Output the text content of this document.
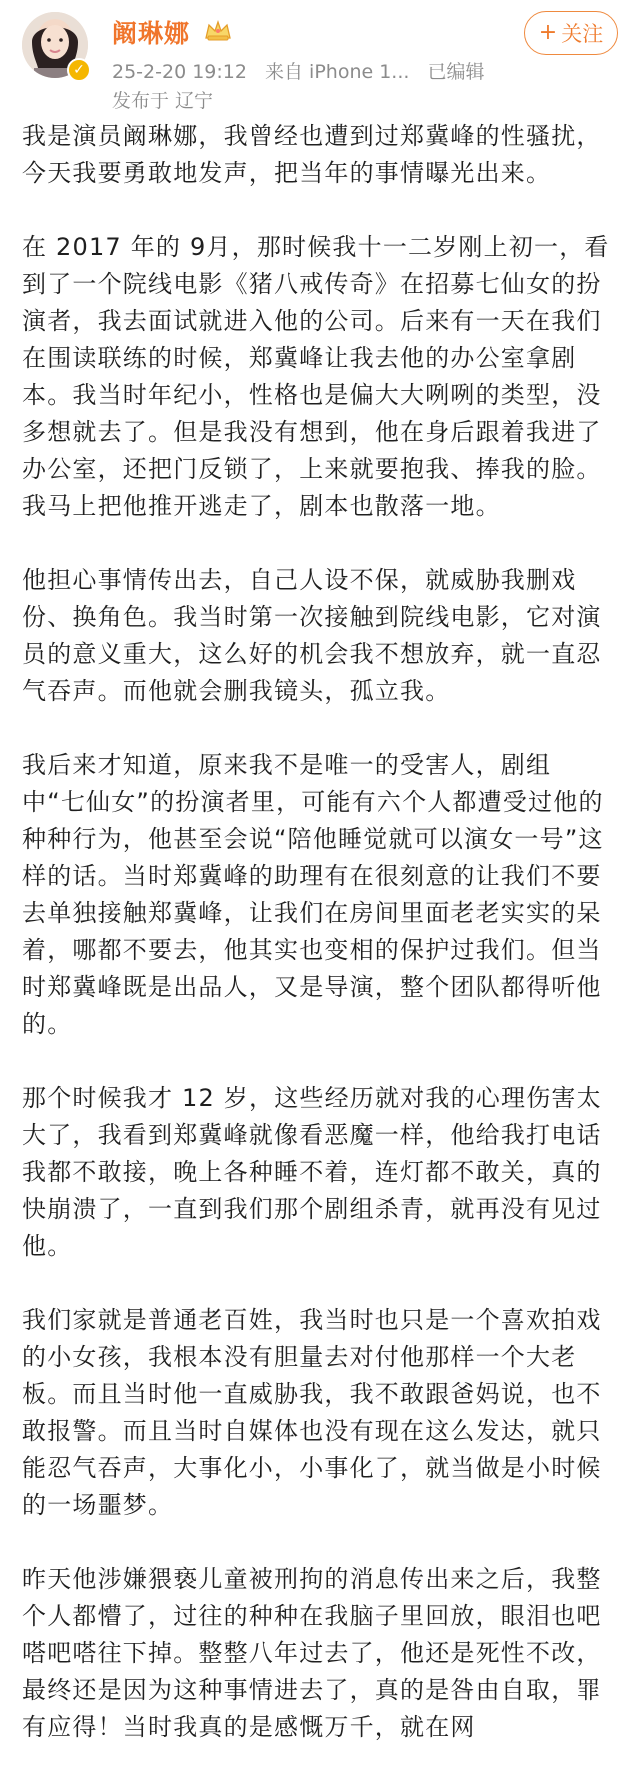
✓
阚琳娜
25-2-20 19:12 来自 iPhone 1... 已编辑
发布于 辽宁
+ 关注

我是演员阚琳娜，我曾经也遭到过郑冀峰的性骚扰，今天我要勇敢地发声，把当年的事情曝光出来。

在 2017 年的 9月，那时候我十一二岁刚上初一，看到了一个院线电影《猪八戒传奇》在招募七仙女的扮演者，我去面试就进入他的公司。后来有一天在我们在围读联练的时候，郑冀峰让我去他的办公室拿剧本。我当时年纪小，性格也是偏大大咧咧的类型，没多想就去了。但是我没有想到，他在身后跟着我进了办公室，还把门反锁了，上来就要抱我、捧我的脸。我马上把他推开逃走了，剧本也散落一地。

他担心事情传出去，自己人设不保，就威胁我删戏份、换角色。我当时第一次接触到院线电影，它对演员的意义重大，这么好的机会我不想放弃，就一直忍气吞声。而他就会删我镜头，孤立我。

我后来才知道，原来我不是唯一的受害人，剧组中“七仙女”的扮演者里，可能有六个人都遭受过他的种种行为，他甚至会说“陪他睡觉就可以演女一号”这样的话。当时郑冀峰的助理有在很刻意的让我们不要去单独接触郑冀峰，让我们在房间里面老老实实的呆着，哪都不要去，他其实也变相的保护过我们。但当时郑冀峰既是出品人，又是导演，整个团队都得听他的。

那个时候我才 12 岁，这些经历就对我的心理伤害太大了，我看到郑冀峰就像看恶魔一样，他给我打电话我都不敢接，晚上各种睡不着，连灯都不敢关，真的快崩溃了，一直到我们那个剧组杀青，就再没有见过他。

我们家就是普通老百姓，我当时也只是一个喜欢拍戏的小女孩，我根本没有胆量去对付他那样一个大老板。而且当时他一直威胁我，我不敢跟爸妈说，也不敢报警。而且当时自媒体也没有现在这么发达，就只能忍气吞声，大事化小，小事化了，就当做是小时候的一场噩梦。

昨天他涉嫌猥亵儿童被刑拘的消息传出来之后，我整个人都懵了，过往的种种在我脑子里回放，眼泪也吧嗒吧嗒往下掉。整整八年过去了，他还是死性不改，最终还是因为这种事情进去了，真的是咎由自取，罪有应得！当时我真的是感慨万千，就在网
